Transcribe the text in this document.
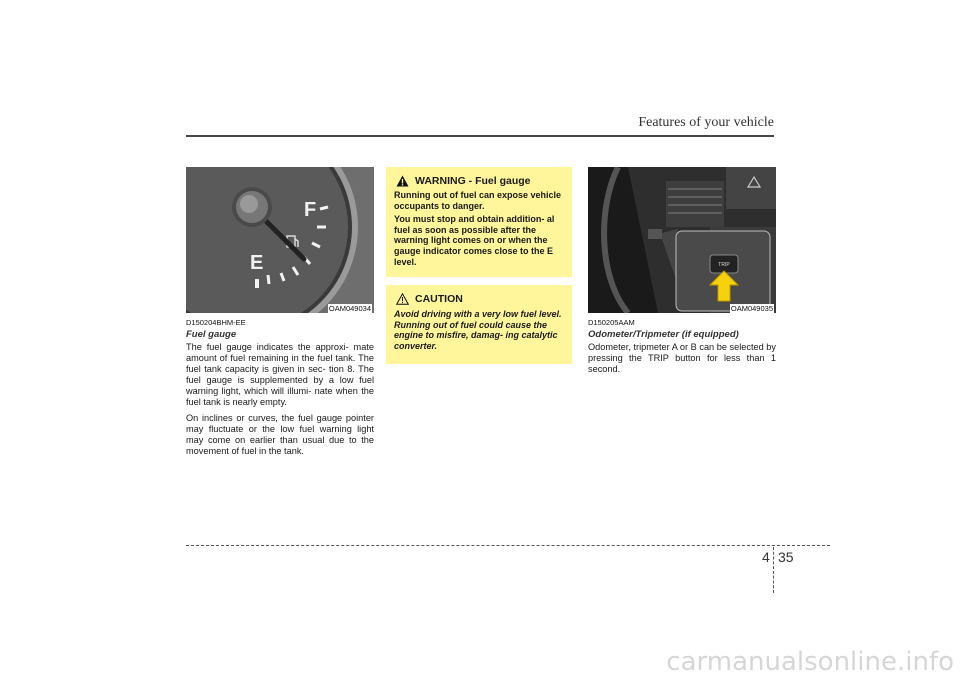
Features of your vehicle
F
E
OAM049034
D150204BHM-EE
Fuel gauge

The fuel gauge indicates the approxi- mate amount of fuel remaining in the fuel tank. The fuel tank capacity is given in sec- tion 8. The fuel gauge is supplemented by a low fuel warning light, which will illumi- nate when the fuel tank is nearly empty.

On inclines or curves, the fuel gauge pointer may fluctuate or the low fuel warning light may come on earlier than usual due to the movement of fuel in the tank.

WARNING - Fuel gauge
Running out of fuel can expose vehicle occupants to danger.
You must stop and obtain addition- al fuel as soon as possible after the warning light comes on or when the gauge indicator comes close to the E level.
CAUTION
Avoid driving with a very low fuel level. Running out of fuel could cause the engine to misfire, damag- ing catalytic converter.
TRIP
OAM049035
D150205AAM
Odometer/Tripmeter (if equipped)

Odometer, tripmeter A or B can be selected by pressing the TRIP button for less than 1 second.

4 35
carmanualsonline.info
